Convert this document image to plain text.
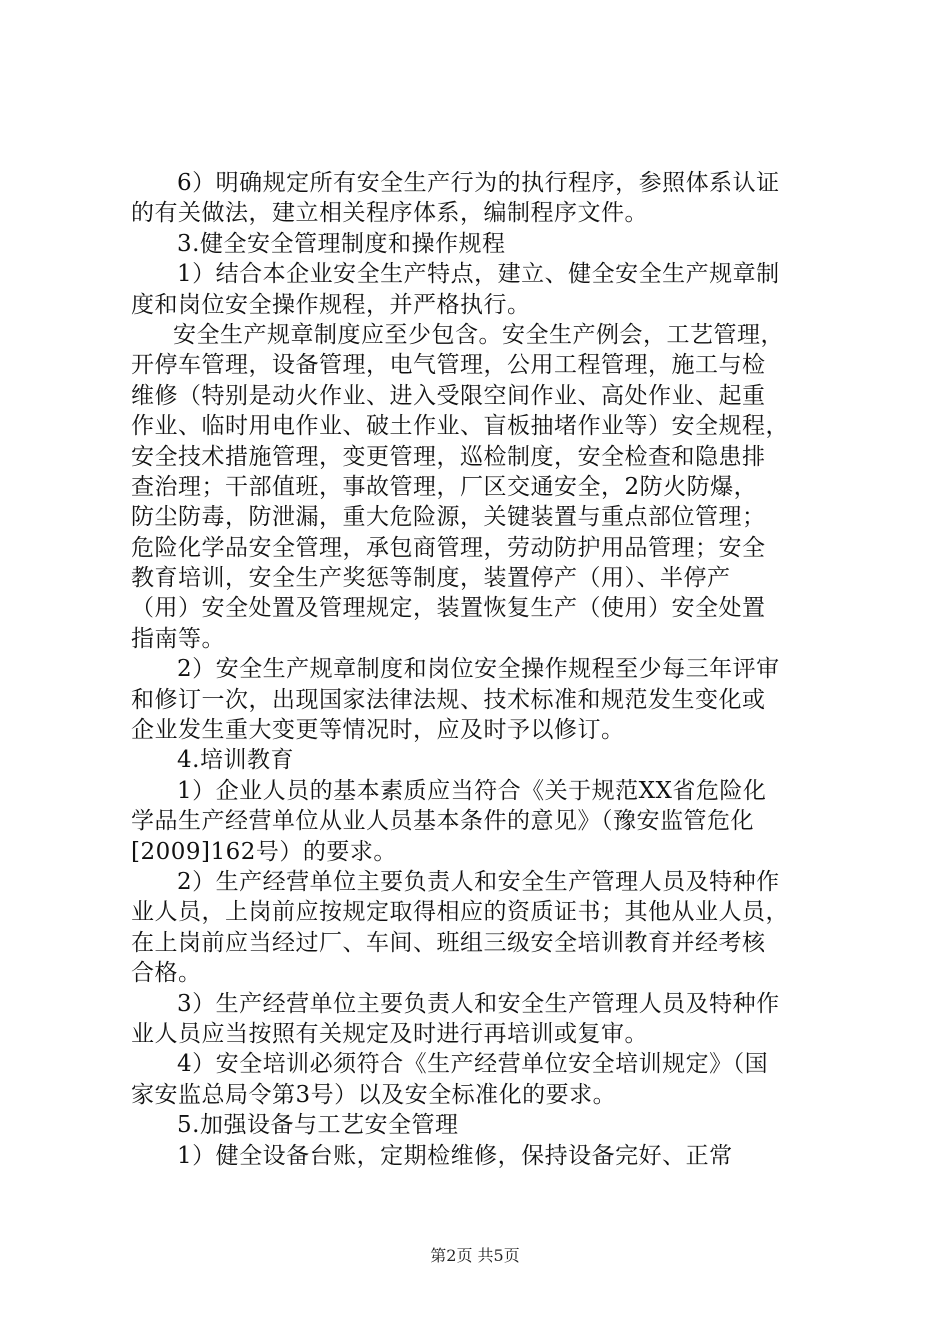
6）明确规定所有安全生产行为的执行程序，参照体系认证
的有关做法，建立相关程序体系，编制程序文件。
3.健全安全管理制度和操作规程
1）结合本企业安全生产特点，建立、健全安全生产规章制
度和岗位安全操作规程，并严格执行。
安全生产规章制度应至少包含。安全生产例会，工艺管理，
开停车管理，设备管理，电气管理，公用工程管理，施工与检
维修（特别是动火作业、进入受限空间作业、高处作业、起重
作业、临时用电作业、破土作业、盲板抽堵作业等）安全规程，
安全技术措施管理，变更管理，巡检制度，安全检查和隐患排
查治理；干部值班，事故管理，厂区交通安全，2防火防爆，
防尘防毒，防泄漏，重大危险源，关键装置与重点部位管理；
危险化学品安全管理，承包商管理，劳动防护用品管理；安全
教育培训，安全生产奖惩等制度，装置停产（用）、半停产
（用）安全处置及管理规定，装置恢复生产（使用）安全处置
指南等。
2）安全生产规章制度和岗位安全操作规程至少每三年评审
和修订一次，出现国家法律法规、技术标准和规范发生变化或
企业发生重大变更等情况时，应及时予以修订。
4.培训教育
1）企业人员的基本素质应当符合《关于规范XX省危险化
学品生产经营单位从业人员基本条件的意见》（豫安监管危化
[2009]162号）的要求。
2）生产经营单位主要负责人和安全生产管理人员及特种作
业人员，上岗前应按规定取得相应的资质证书；其他从业人员，
在上岗前应当经过厂、车间、班组三级安全培训教育并经考核
合格。
3）生产经营单位主要负责人和安全生产管理人员及特种作
业人员应当按照有关规定及时进行再培训或复审。
4）安全培训必须符合《生产经营单位安全培训规定》（国
家安监总局令第3号）以及安全标准化的要求。
5.加强设备与工艺安全管理
1）健全设备台账，定期检维修，保持设备完好、正常
第2页 共5页
